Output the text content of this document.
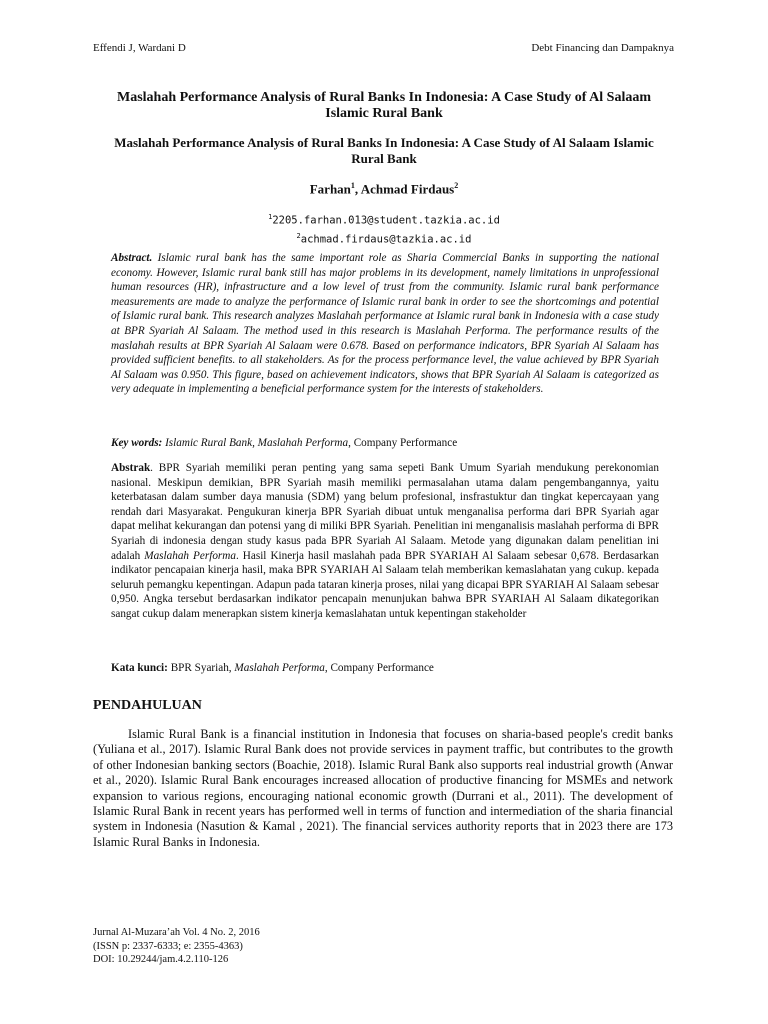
Effendi J, Wardani D	Debt Financing dan Dampaknya
Maslahah Performance Analysis of Rural Banks In Indonesia: A Case Study of Al Salaam Islamic Rural Bank
Maslahah Performance Analysis of Rural Banks In Indonesia: A Case Study of Al Salaam Islamic Rural Bank
Farhan$^1$, Achmad Firdaus$^2$
$^1$2205.farhan.013@student.tazkia.ac.id
$^2$achmad.firdaus@tazkia.ac.id
Abstract. Islamic rural bank has the same important role as Sharia Commercial Banks in supporting the national economy. However, Islamic rural bank still has major problems in its development, namely limitations in unprofessional human resources (HR), infrastructure and a low level of trust from the community. Islamic rural bank performance measurements are made to analyze the performance of Islamic rural bank in order to see the shortcomings and potential of Islamic rural bank. This research analyzes Maslahah performance at Islamic rural bank in Indonesia with a case study at BPR Syariah Al Salaam. The method used in this research is Maslahah Performa. The performance results of the maslahah results at BPR Syariah Al Salaam were 0.678. Based on performance indicators, BPR Syariah Al Salaam has provided sufficient benefits. to all stakeholders. As for the process performance level, the value achieved by BPR Syariah Al Salaam was 0.950. This figure, based on achievement indicators, shows that BPR Syariah Al Salaam is categorized as very adequate in implementing a beneficial performance system for the interests of stakeholders.
Key words: Islamic Rural Bank, Maslahah Performa, Company Performance
Abstrak. BPR Syariah memiliki peran penting yang sama sepeti Bank Umum Syariah mendukung perekonomian nasional. Meskipun demikian, BPR Syariah masih memiliki permasalahan utama dalam pengembangannya, yaitu keterbatasan dalam sumber daya manusia (SDM) yang belum profesional, insfrastuktur dan tingkat kepercayaan yang rendah dari Masyarakat. Pengukuran kinerja BPR Syariah dibuat untuk menganalisa performa dari BPR Syariah agar dapat melihat kekurangan dan potensi yang di miliki BPR Syariah. Penelitian ini menganalisis maslahah performa di BPR Syariah di indonesia dengan study kasus pada BPR Syariah Al Salaam. Metode yang digunakan dalam penelitian ini adalah Maslahah Performa. Hasil Kinerja hasil maslahah pada BPR SYARIAH Al Salaam sebesar 0,678. Berdasarkan indikator pencapaian kinerja hasil, maka BPR SYARIAH Al Salaam telah memberikan kemaslahatan yang cukup. kepada seluruh pemangku kepentingan. Adapun pada tataran kinerja proses, nilai yang dicapai BPR SYARIAH Al Salaam sebesar 0,950. Angka tersebut berdasarkan indikator pencapain menunjukan bahwa BPR SYARIAH Al Salaam dikategorikan sangat cukup dalam menerapkan sistem kinerja kemaslahatan untuk kepentingan stakeholder
Kata kunci: BPR Syariah, Maslahah Performa, Company Performance
PENDAHULUAN

Islamic Rural Bank is a financial institution in Indonesia that focuses on sharia-based people's credit banks (Yuliana et al., 2017). Islamic Rural Bank does not provide services in payment traffic, but contributes to the growth of other Indonesian banking sectors (Boachie, 2018). Islamic Rural Bank also supports real industrial growth (Anwar et al., 2020). Islamic Rural Bank encourages increased allocation of productive financing for MSMEs and network expansion to various regions, encouraging national economic growth (Durrani et al., 2011). The development of Islamic Rural Bank in recent years has performed well in terms of function and intermediation of the sharia financial system in Indonesia (Nasution & Kamal , 2021). The financial services authority reports that in 2023 there are 173 Islamic Rural Banks in Indonesia.

Jurnal Al-Muzara’ah Vol. 4 No. 2, 2016
(ISSN p: 2337-6333; e: 2355-4363)
DOI: 10.29244/jam.4.2.110-126
